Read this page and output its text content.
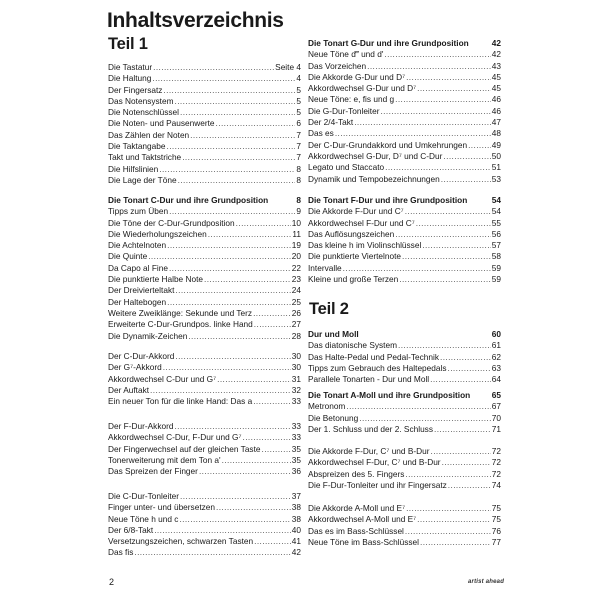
Inhaltsverzeichnis
Teil 1
Teil 2
Die Tastatur .....	Seite 4
Die Haltung .....	4
Der Fingersatz .....	5
Das Notensystem .....	5
Die Notenschlüssel .....	5
Die Noten- und Pausenwerte .....	6
Das Zählen der Noten .....	7
Die Taktangabe .....	7
Takt und Taktstriche .....	7
Die Hilfslinien .....	8
Die Lage der Töne .....	8
Die Tonart C-Dur und ihre Grundposition	8
Tipps zum Üben .....	9
Die Töne der C-Dur-Grundposition .....	10
Die Wiederholungszeichen .....	11
Die Achtelnoten .....	19
Die Quinte .....	20
Da Capo al Fine .....	22
Die punktierte Halbe Note .....	23
Der Dreivierteltakt .....	24
Der Haltebogen .....	25
Weitere Zweiklänge: Sekunde und Terz .....	26
Erweiterte C-Dur-Grundpos. linke Hand .....	27
Die Dynamik-Zeichen .....	28
Der C-Dur-Akkord .....	30
Der G⁷-Akkord .....	30
Akkordwechsel C-Dur und G⁷ .....	31
Der Auftakt .....	32
Ein neuer Ton für die linke Hand: Das a .....	33
Der F-Dur-Akkord .....	33
Akkordwechsel C-Dur, F-Dur und G⁷ .....	33
Der Fingerwechsel auf der gleichen Taste .....	35
Tonerweiterung mit dem Ton a' .....	35
Das Spreizen der Finger .....	36
Die C-Dur-Tonleiter .....	37
Finger unter- und übersetzen .....	38
Neue Töne h und c .....	38
Der 6/8-Takt .....	40
Versetzungszeichen, schwarzen Tasten .....	41
Das fis .....	42
Die Tonart G-Dur und ihre Grundposition	42
Neue Töne d‴ und d' .....	42
Das Vorzeichen .....	43
Die Akkorde G-Dur und D⁷ .....	45
Akkordwechsel G-Dur und D⁷ .....	45
Neue Töne: e, fis und g .....	46
Die G-Dur-Tonleiter .....	46
Der 2/4-Takt .....	47
Das es .....	48
Der C-Dur-Grundakkord und Umkehrungen .....	49
Akkordwechsel G-Dur, D⁷ und C-Dur .....	50
Legato und Staccato .....	51
Dynamik und Tempobezeichnungen .....	53
Die Tonart F-Dur und ihre Grundposition	54
Die Akkorde F-Dur und C⁷ .....	54
Akkordwechsel F-Dur und C⁷ .....	55
Das Auflösungszeichen .....	56
Das kleine h im Violinschlüssel .....	57
Die punktierte Viertelnote .....	58
Intervalle .....	59
Kleine und große Terzen .....	59
Dur und Moll	60
Das diatonische System .....	61
Das Halte-Pedal und Pedal-Technik .....	62
Tipps zum Gebrauch des Haltepedals .....	63
Parallele Tonarten - Dur und Moll .....	64
Die Tonart A-Moll und ihre Grundposition	65
Metronom .....	67
Die Betonung .....	70
Der 1. Schluss und der 2. Schluss .....	71
Die Akkorde F-Dur, C⁷ und B-Dur .....	72
Akkordwechsel F-Dur, C⁷ und B-Dur .....	72
Abspreizen des 5. Fingers .....	72
Die F-Dur-Tonleiter und ihr Fingersatz .....	74
Die Akkorde A-Moll und E⁷ .....	75
Akkordwechsel A-Moll und E⁷ .....	75
Das es im Bass-Schlüssel .....	76
Neue Töne im Bass-Schlüssel .....	77
2	artist ahead
